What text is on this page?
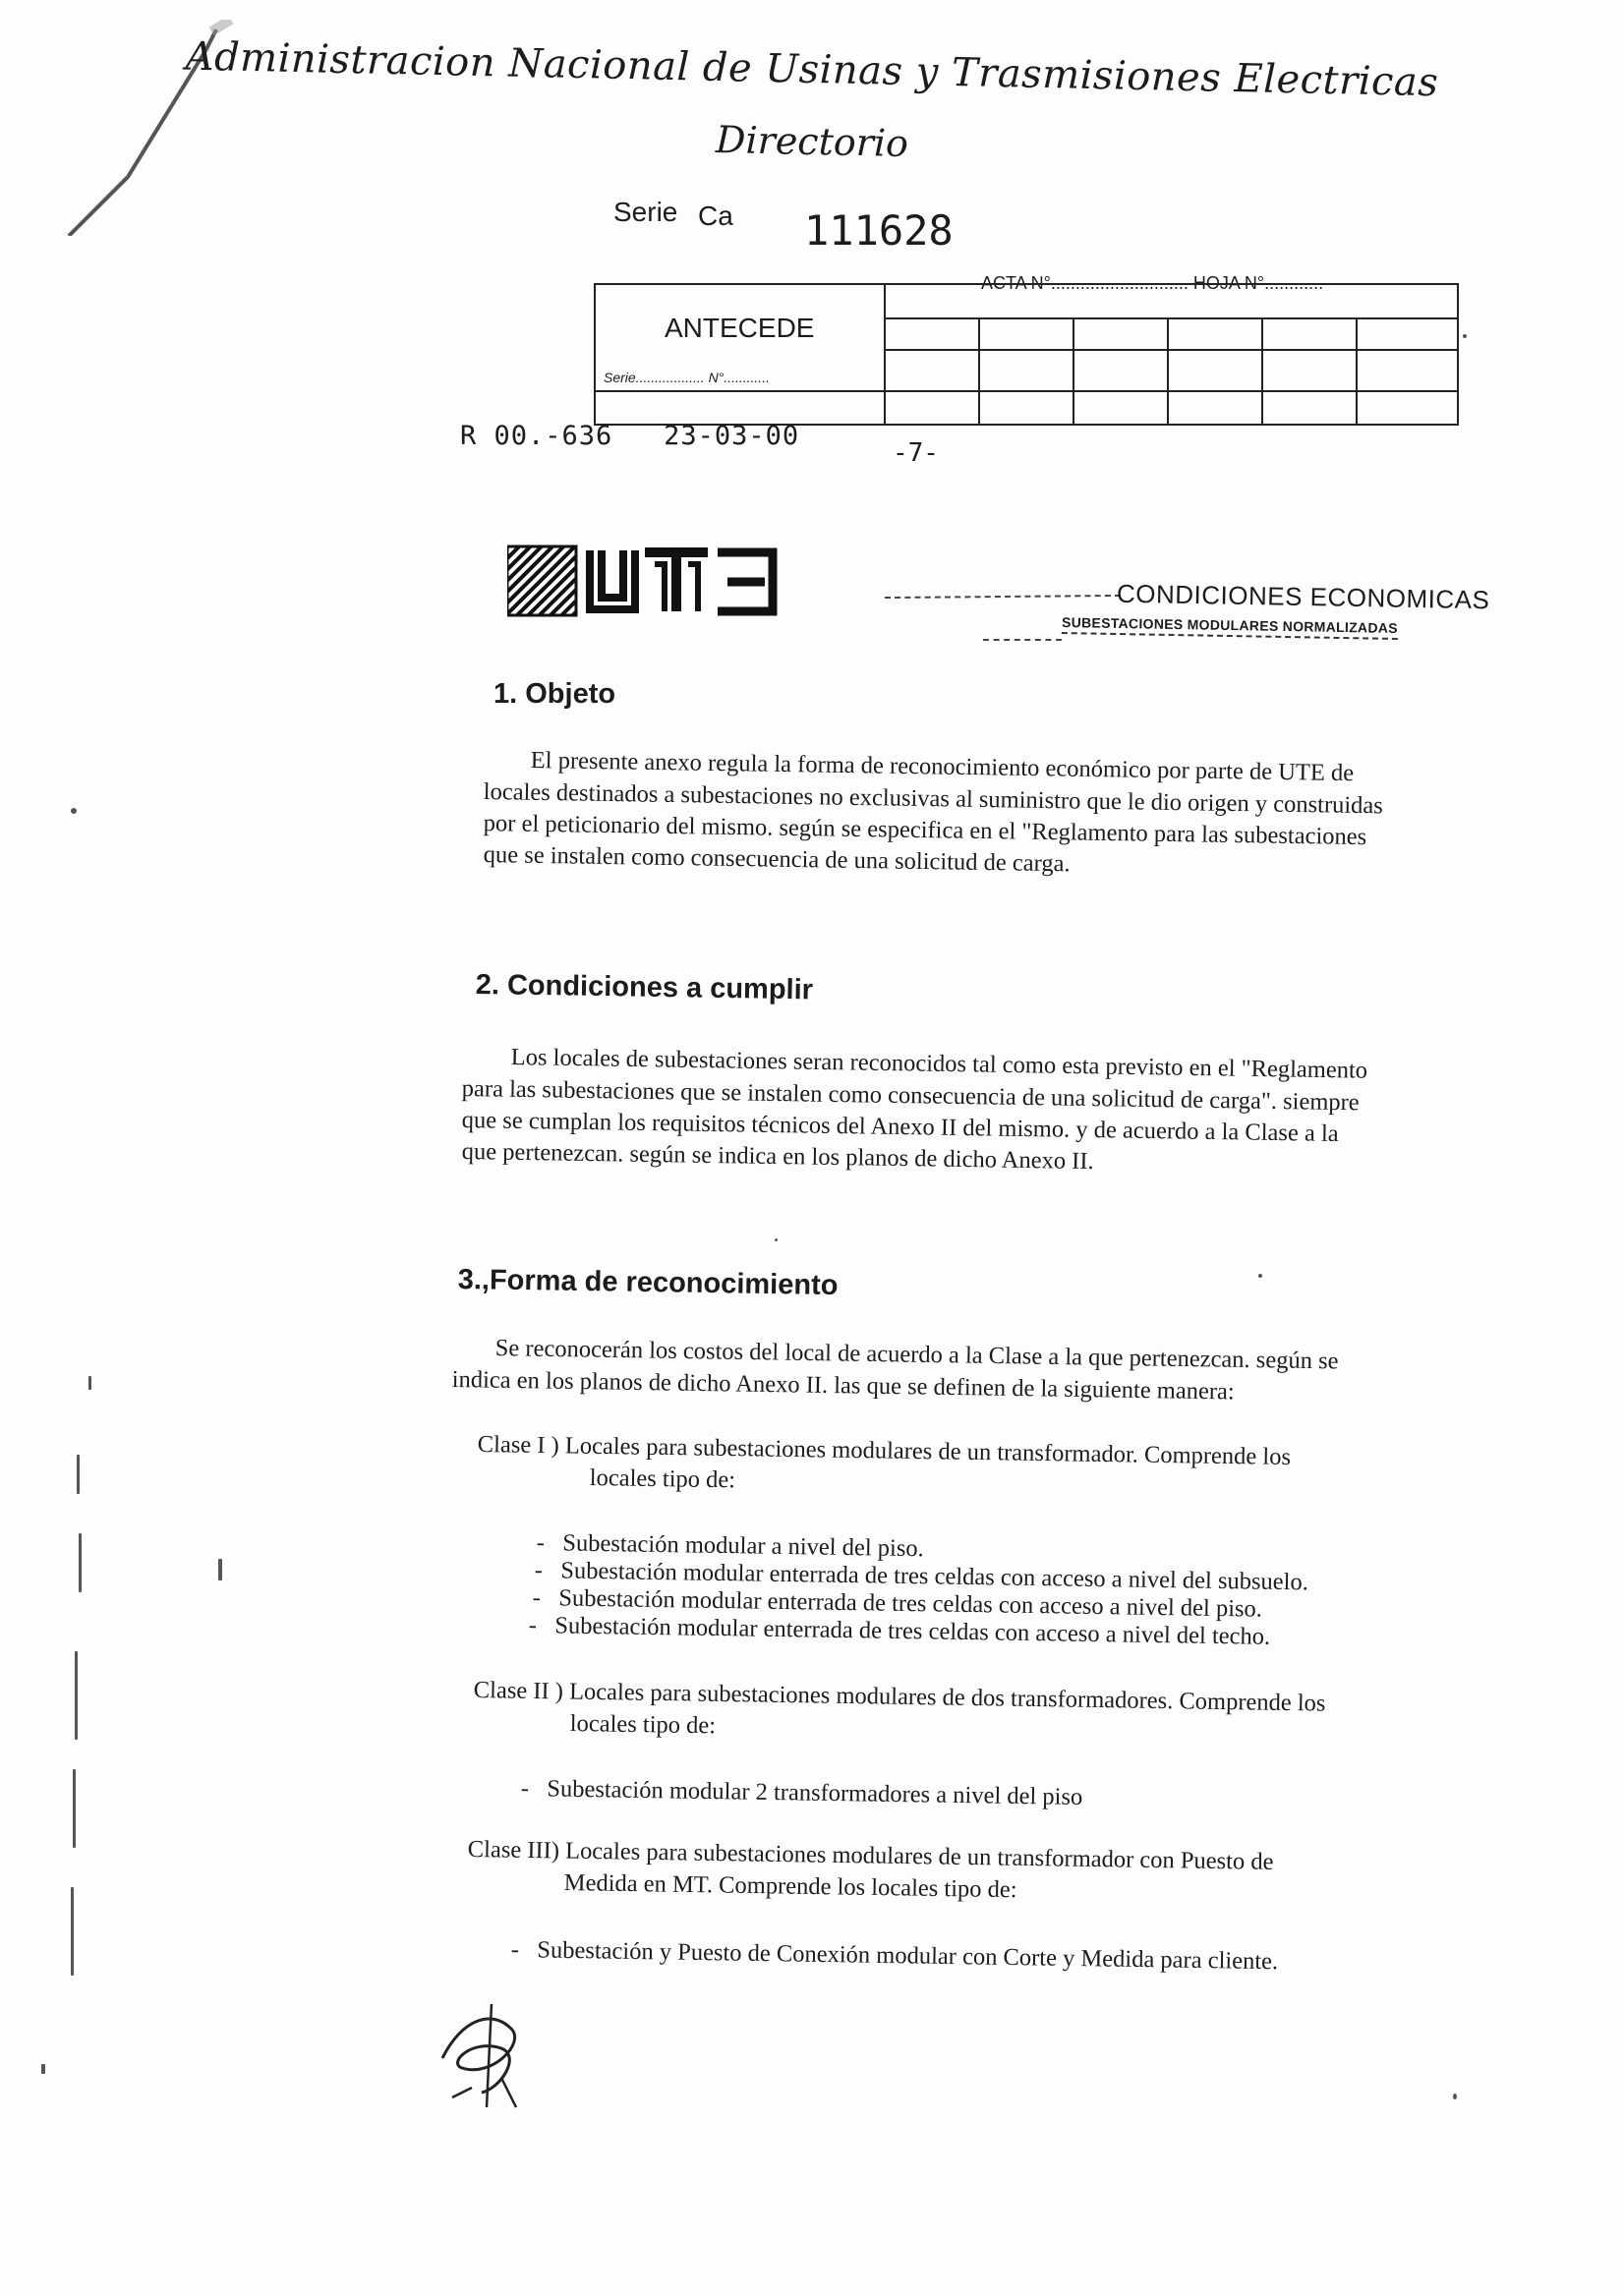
Administracion Nacional de Usinas y Trasmisiones Electricas
Directorio
Serie Ca 111628
ACTA N°............................ HOJA N°............
ANTECEDE
Serie.................. N°............
R 00.-636 23-03-00
-7-
CONDICIONES ECONOMICAS
SUBESTACIONES MODULARES NORMALIZADAS
1. Objeto
El presente anexo regula la forma de reconocimiento económico por parte de UTE de
locales destinados a subestaciones no exclusivas al suministro que le dio origen y construidas
por el peticionario del mismo. según se especifica en el "Reglamento para las subestaciones
que se instalen como consecuencia de una solicitud de carga.
2. Condiciones a cumplir
Los locales de subestaciones seran reconocidos tal como esta previsto en el "Reglamento
para las subestaciones que se instalen como consecuencia de una solicitud de carga". siempre
que se cumplan los requisitos técnicos del Anexo II del mismo. y de acuerdo a la Clase a la
que pertenezcan. según se indica en los planos de dicho Anexo II.
3.,Forma de reconocimiento
Se reconocerán los costos del local de acuerdo a la Clase a la que pertenezcan. según se
indica en los planos de dicho Anexo II. las que se definen de la siguiente manera:
Clase I ) Locales para subestaciones modulares de un transformador. Comprende los
locales tipo de:
- Subestación modular a nivel del piso.
- Subestación modular enterrada de tres celdas con acceso a nivel del subsuelo.
- Subestación modular enterrada de tres celdas con acceso a nivel del piso.
- Subestación modular enterrada de tres celdas con acceso a nivel del techo.
Clase II ) Locales para subestaciones modulares de dos transformadores. Comprende los
locales tipo de:
- Subestación modular 2 transformadores a nivel del piso
Clase III) Locales para subestaciones modulares de un transformador con Puesto de
Medida en MT. Comprende los locales tipo de:
- Subestación y Puesto de Conexión modular con Corte y Medida para cliente.
